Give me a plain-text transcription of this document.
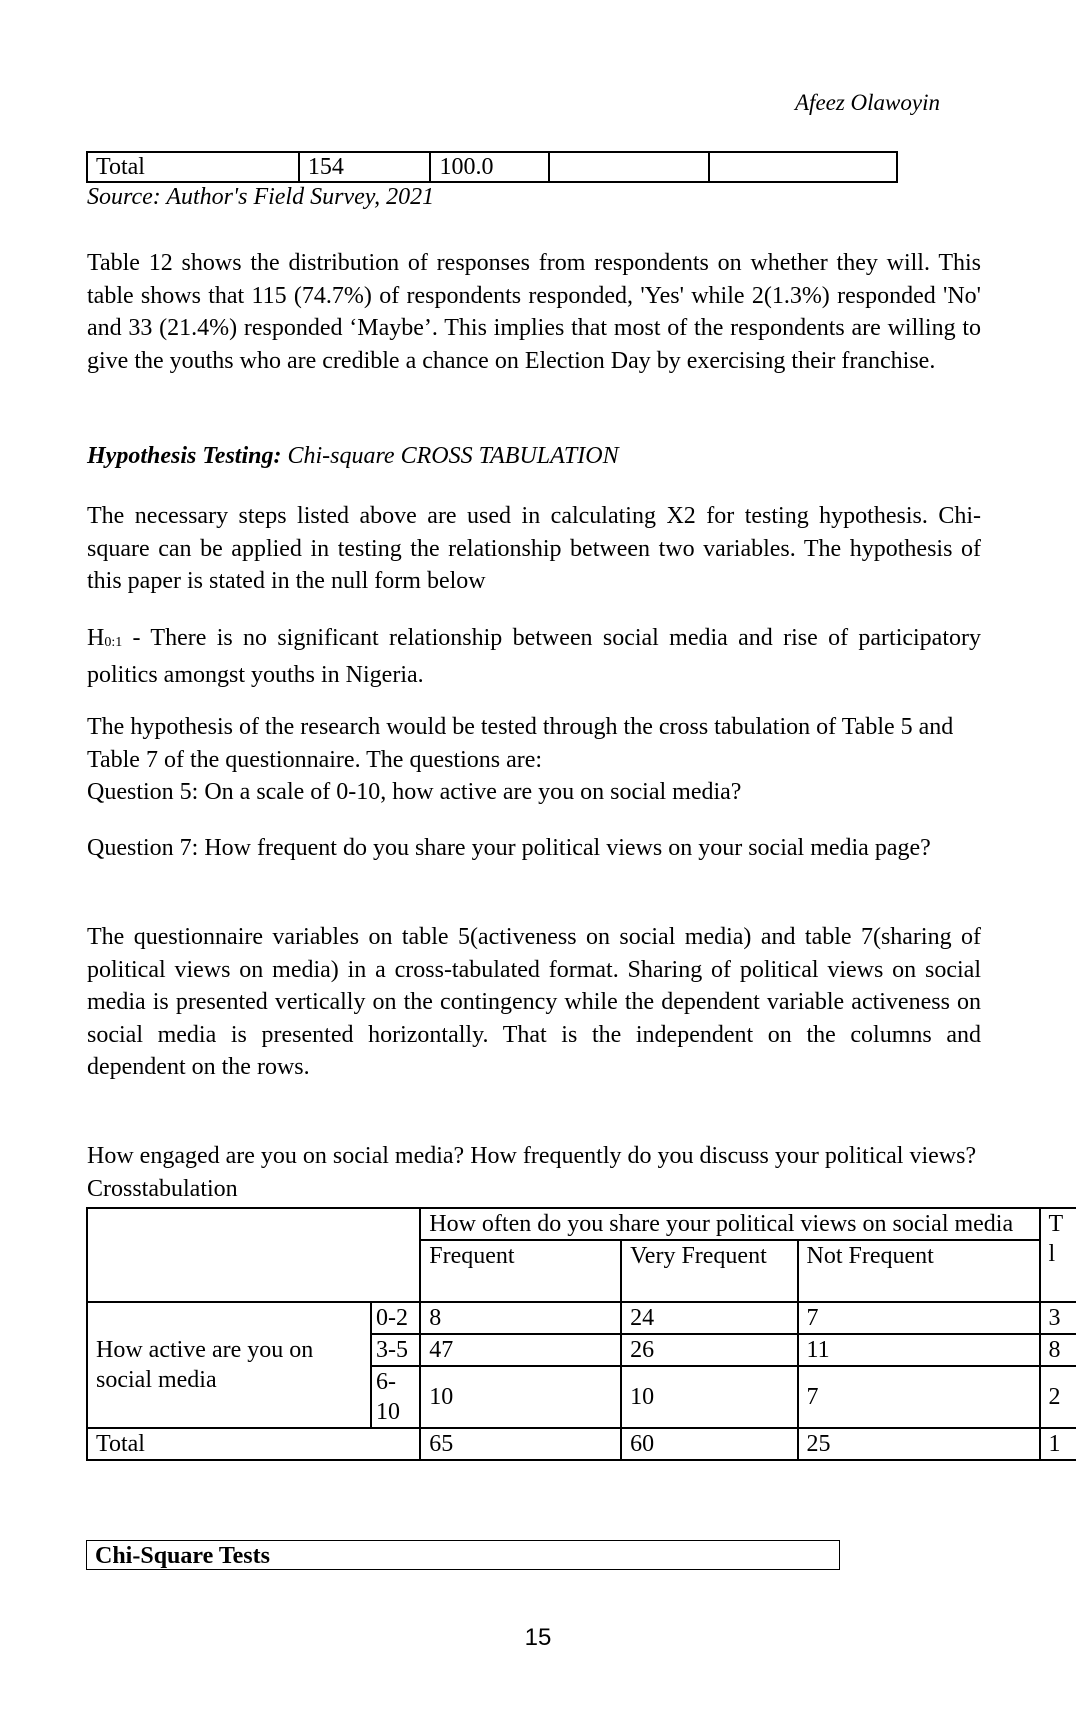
Afeez Olawoyin
Total	154	100.0		
Source: Author's Field Survey, 2021

Table 12 shows the distribution of responses from respondents on whether they will. This table shows that 115 (74.7%) of respondents responded, 'Yes' while 2(1.3%) responded 'No' and 33 (21.4%) responded ‘Maybe’. This implies that most of the respondents are willing to give the youths who are credible a chance on Election Day by exercising their franchise.

Hypothesis Testing: Chi-square CROSS TABULATION

The necessary steps listed above are used in calculating X2 for testing hypothesis. Chi-square can be applied in testing the relationship between two variables. The hypothesis of this paper is stated in the null form below

$H_{0:1}$ - There is no significant relationship between social media and rise of participatory politics amongst youths in Nigeria.

The hypothesis of the research would be tested through the cross tabulation of Table 5 and Table 7 of the questionnaire. The questions are:
Question 5: On a scale of 0-10, how active are you on social media?

Question 7: How frequent do you share your political views on your social media page?

The questionnaire variables on table 5(activeness on social media) and table 7(sharing of political views on media) in a cross-tabulated format. Sharing of political views on social media is presented vertically on the contingency while the dependent variable activeness on social media is presented horizontally. That is the independent on the columns and dependent on the rows.

How engaged are you on social media? How frequently do you discuss your political views? Crosstabulation
		How often do you share your political views on social media			T
l
		Frequent	Very Frequent	Not Frequent	
How active are you on social media	0-2	8	24	7	3
	3-5	47	26	11	8
	6-10	10	10	7	2
Total		65	60	25	1
Chi-Square Tests
15
